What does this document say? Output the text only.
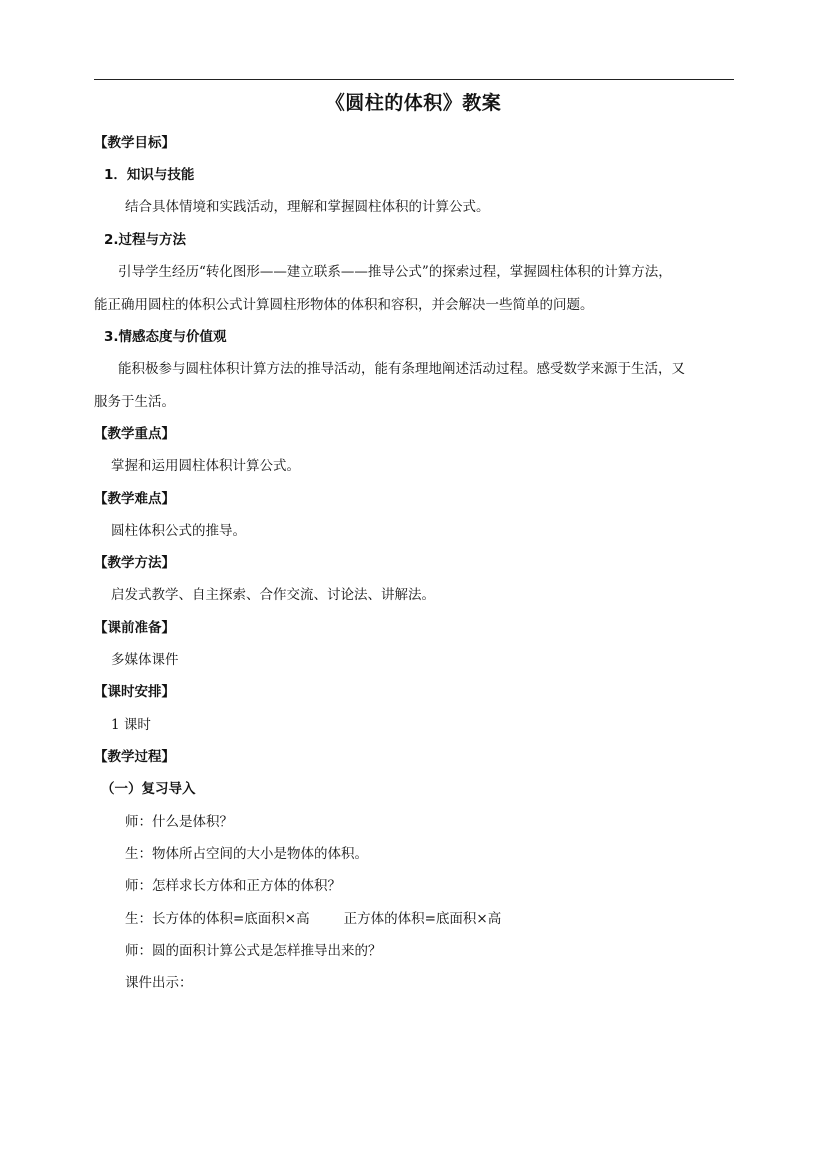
《圆柱的体积》教案
【教学目标】
1．知识与技能
结合具体情境和实践活动，理解和掌握圆柱体积的计算公式。
2.过程与方法
引导学生经历“转化图形——建立联系——推导公式”的探索过程，掌握圆柱体积的计算方法，
能正确用圆柱的体积公式计算圆柱形物体的体积和容积，并会解决一些简单的问题。
3.情感态度与价值观
能积极参与圆柱体积计算方法的推导活动，能有条理地阐述活动过程。感受数学来源于生活，又
服务于生活。
【教学重点】
掌握和运用圆柱体积计算公式。
【教学难点】
圆柱体积公式的推导。
【教学方法】
启发式教学、自主探索、合作交流、讨论法、讲解法。
【课前准备】
多媒体课件
【课时安排】
1 课时
【教学过程】
（一）复习导入
师：什么是体积？
生：物体所占空间的大小是物体的体积。
师：怎样求长方体和正方体的体积？
生：长方体的体积=底面积×高	正方体的体积=底面积×高
师：圆的面积计算公式是怎样推导出来的？
课件出示：
